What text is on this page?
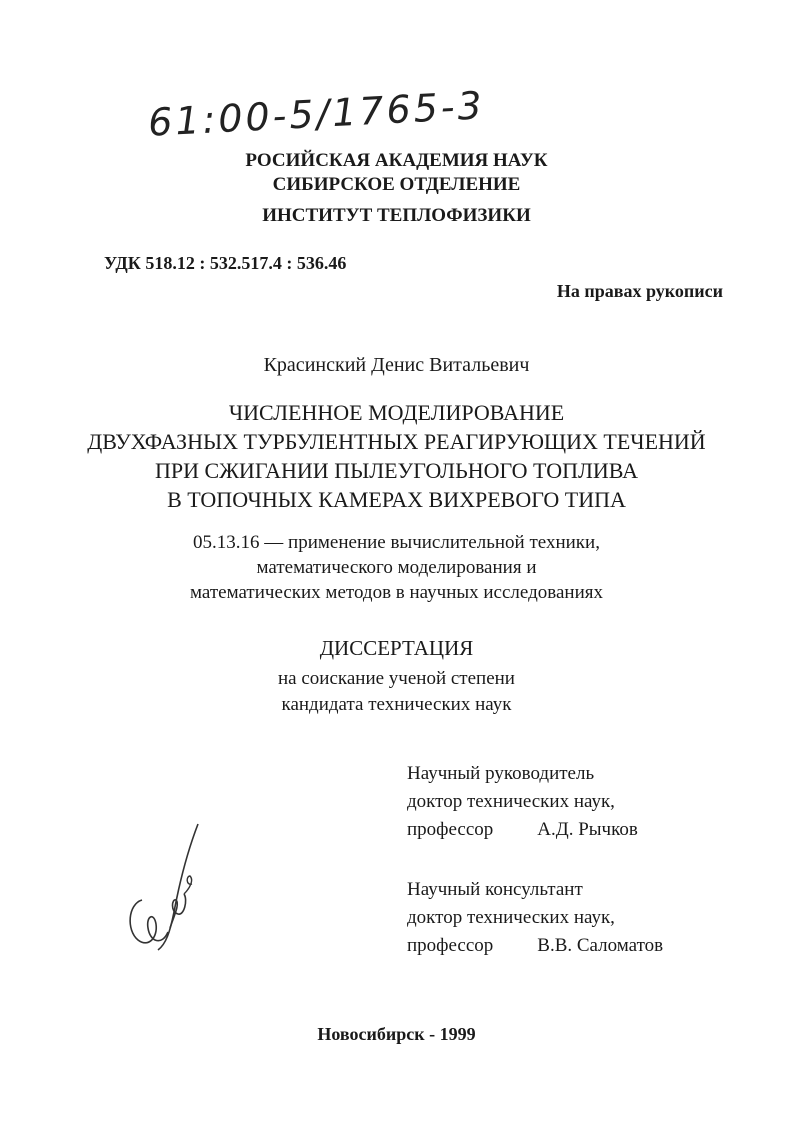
61:00-5/1765-3
РОСИЙСКАЯ АКАДЕМИЯ НАУК
СИБИРСКОЕ ОТДЕЛЕНИЕ
ИНСТИТУТ ТЕПЛОФИЗИКИ
УДК 518.12 : 532.517.4 : 536.46
На правах рукописи
Красинский Денис Витальевич
ЧИСЛЕННОЕ МОДЕЛИРОВАНИЕ
ДВУХФАЗНЫХ ТУРБУЛЕНТНЫХ РЕАГИРУЮЩИХ ТЕЧЕНИЙ
ПРИ СЖИГАНИИ ПЫЛЕУГОЛЬНОГО ТОПЛИВА
В ТОПОЧНЫХ КАМЕРАХ ВИХРЕВОГО ТИПА
05.13.16 — применение вычислительной техники,
математического моделирования и
математических методов в научных исследованиях
ДИССЕРТАЦИЯ
на соискание ученой степени
кандидата технических наук
Научный руководитель
доктор технических наук,
профессор А.Д. Рычков
Научный консультант
доктор технических наук,
профессор В.В. Саломатов
Новосибирск - 1999
